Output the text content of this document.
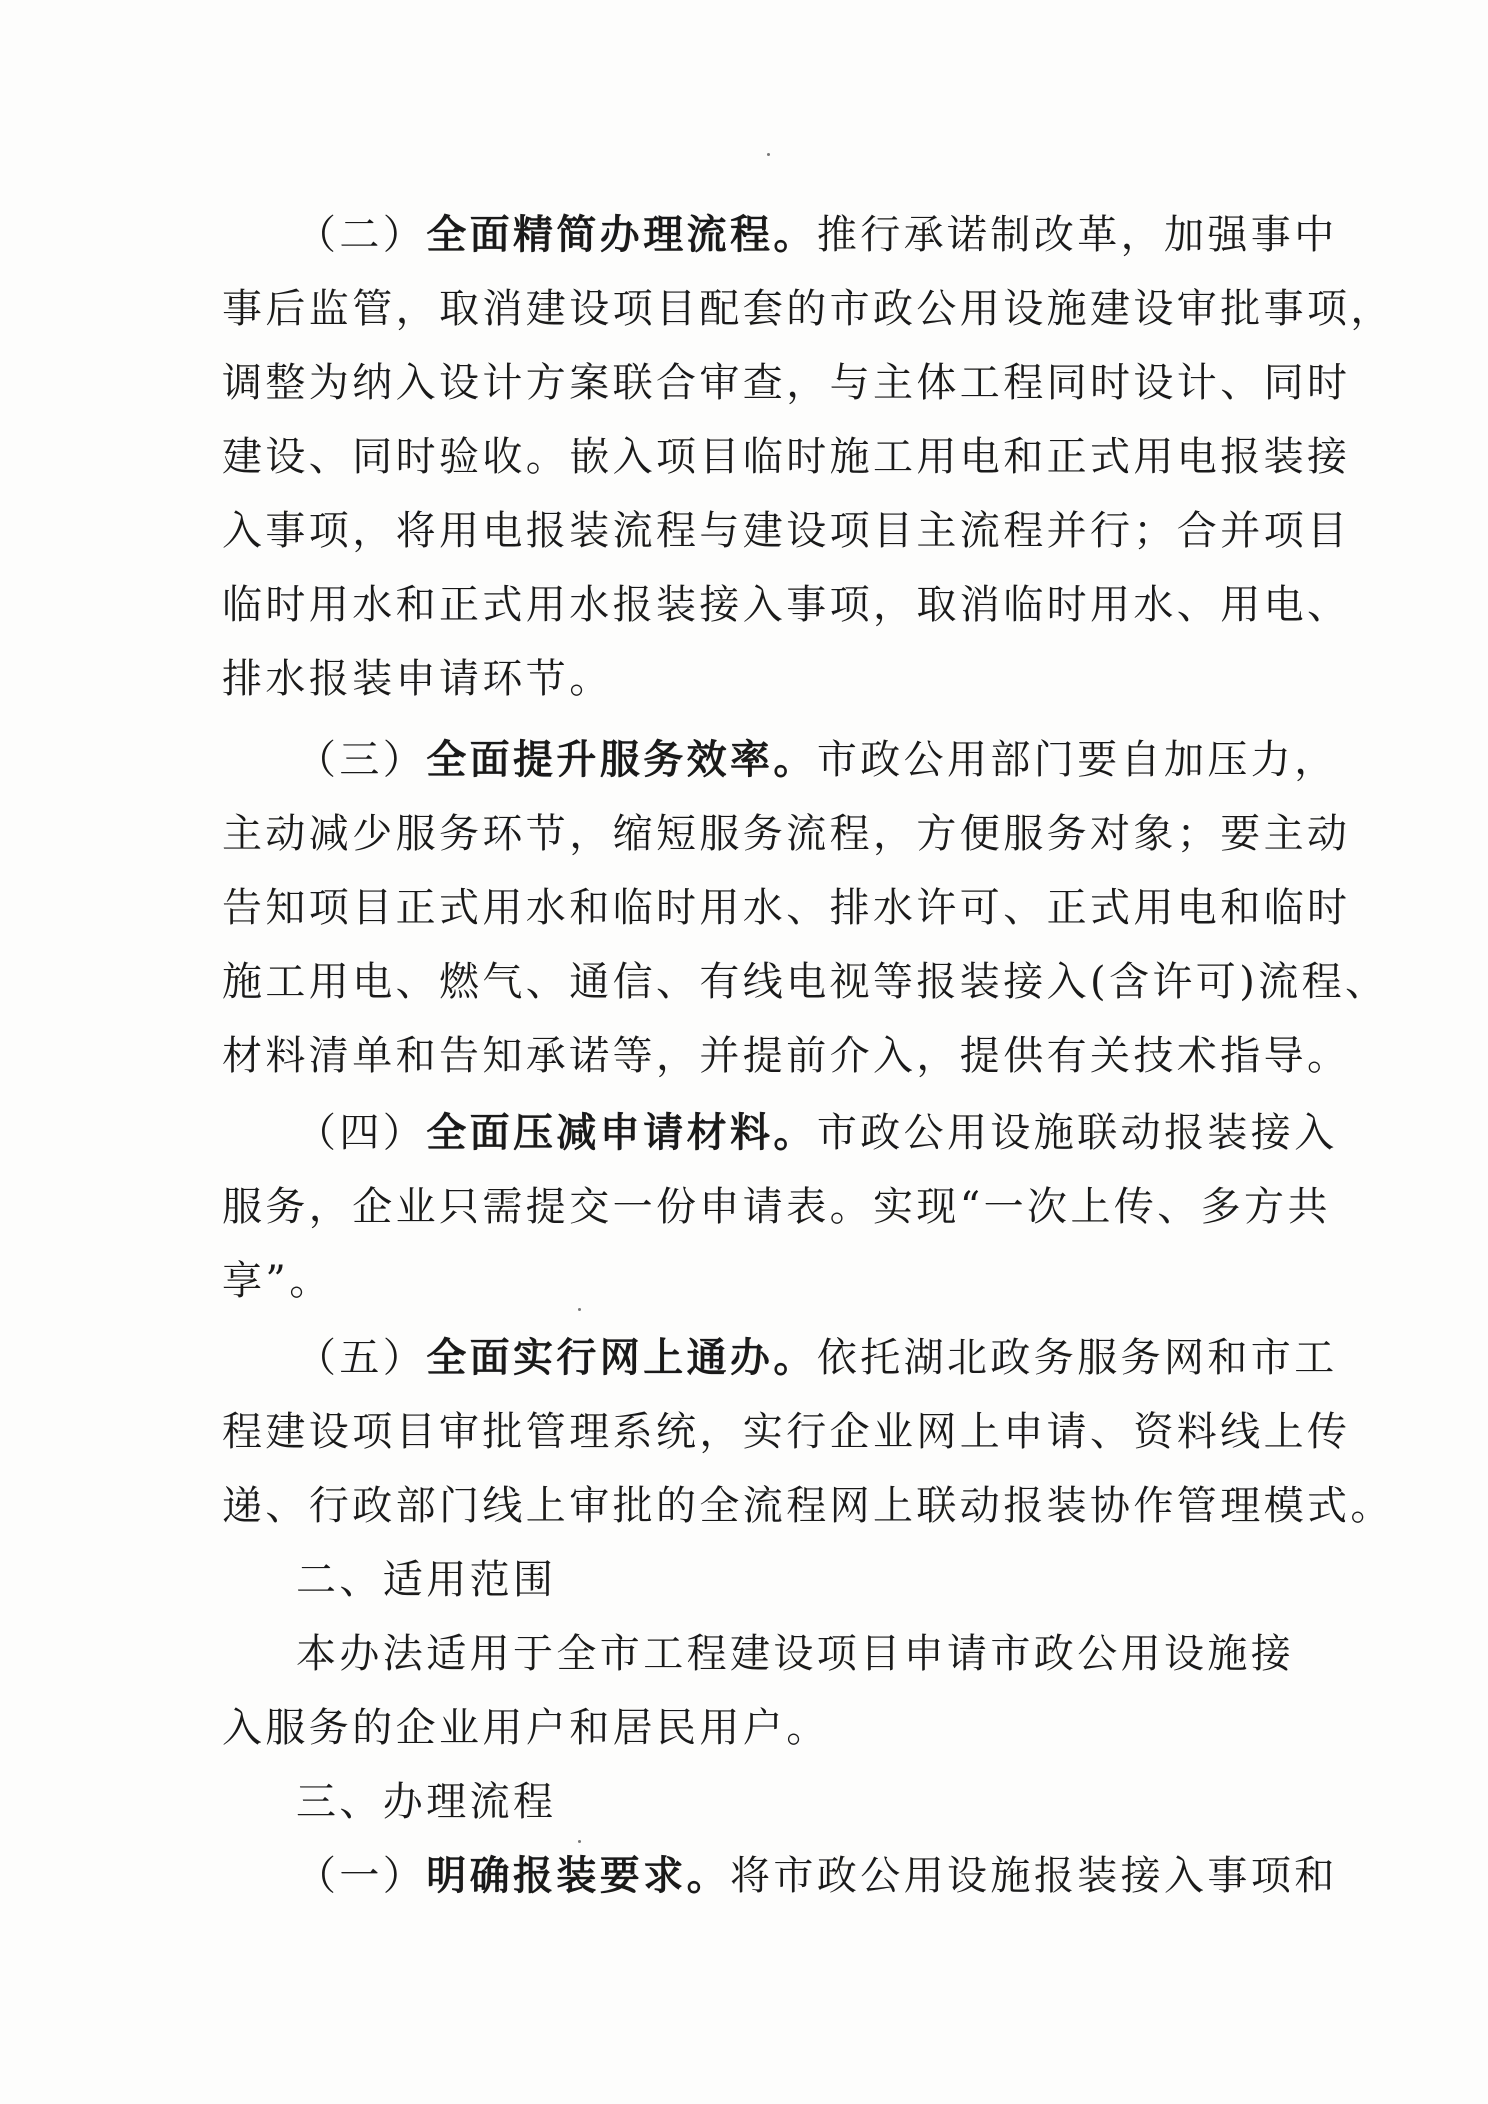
（二）全面精简办理流程。推行承诺制改革，加强事中
事后监管，取消建设项目配套的市政公用设施建设审批事项，
调整为纳入设计方案联合审查，与主体工程同时设计、同时
建设、同时验收。嵌入项目临时施工用电和正式用电报装接
入事项，将用电报装流程与建设项目主流程并行；合并项目
临时用水和正式用水报装接入事项，取消临时用水、用电、
排水报装申请环节。
（三）全面提升服务效率。市政公用部门要自加压力，
主动减少服务环节，缩短服务流程，方便服务对象；要主动
告知项目正式用水和临时用水、排水许可、正式用电和临时
施工用电、燃气、通信、有线电视等报装接入(含许可)流程、
材料清单和告知承诺等，并提前介入，提供有关技术指导。
（四）全面压减申请材料。市政公用设施联动报装接入
服务，企业只需提交一份申请表。实现“一次上传、多方共
享”。
（五）全面实行网上通办。依托湖北政务服务网和市工
程建设项目审批管理系统，实行企业网上申请、资料线上传
递、行政部门线上审批的全流程网上联动报装协作管理模式。
二、适用范围
本办法适用于全市工程建设项目申请市政公用设施接
入服务的企业用户和居民用户。
三、办理流程
（一）明确报装要求。将市政公用设施报装接入事项和
